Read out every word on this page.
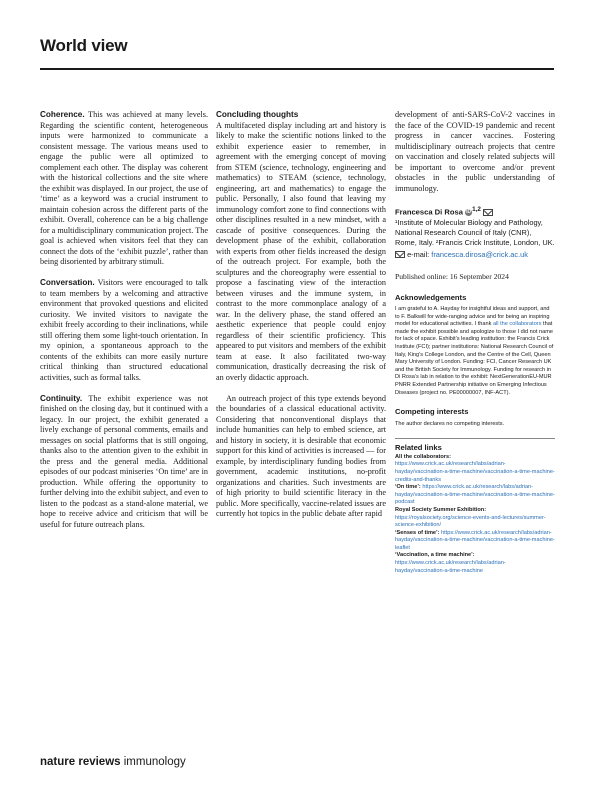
World view

Coherence. This was achieved at many levels. Regarding the scientific content, heterogeneous inputs were harmonized to communicate a consistent message. The various means used to engage the public were all optimized to complement each other. The display was coherent with the historical collections and the site where the exhibit was displayed. In our project, the use of ‘time’ as a keyword was a crucial instrument to maintain cohesion across the different parts of the exhibit. Overall, coherence can be a big challenge for a multidisciplinary communication project. The goal is achieved when visitors feel that they can connect the dots of the ‘exhibit puzzle’, rather than being disoriented by arbitrary stimuli.

Conversation. Visitors were encouraged to talk to team members by a welcoming and attractive environment that provoked questions and elicited curiosity. We invited visitors to navigate the exhibit freely according to their inclinations, while still offering them some light-touch orientation. In my opinion, a spontaneous approach to the contents of the exhibits can more easily nurture critical thinking than structured educational activities, such as formal talks.

Continuity. The exhibit experience was not finished on the closing day, but it continued with a legacy. In our project, the exhibit generated a lively exchange of personal comments, emails and messages on social platforms that is still ongoing, thanks also to the attention given to the exhibit in the press and the general media. Additional episodes of our podcast miniseries ‘On time’ are in production. While offering the opportunity to further delving into the exhibit subject, and even to listen to the podcast as a stand-alone material, we hope to receive advice and criticism that will be useful for future outreach plans.

Concluding thoughts

A multifaceted display including art and history is likely to make the scientific notions linked to the exhibit experience easier to remember, in agreement with the emerging concept of moving from STEM (science, technology, engineering and mathematics) to STEAM (science, technology, engineering, art and mathematics) to engage the public. Personally, I also found that leaving my immunology comfort zone to find connections with other disciplines resulted in a new mindset, with a cascade of positive consequences. During the development phase of the exhibit, collaboration with experts from other fields increased the design of the outreach project. For example, both the sculptures and the choreography were essential to propose a fascinating view of the interaction between viruses and the immune system, in contrast to the more commonplace analogy of a war. In the delivery phase, the stand offered an aesthetic experience that people could enjoy regardless of their scientific proficiency. This appeared to put visitors and members of the exhibit team at ease. It also facilitated two-way communication, drastically decreasing the risk of an overly didactic approach.

An outreach project of this type extends beyond the boundaries of a classical educational activity. Considering that nonconventional displays that include humanities can help to embed science, art and history in society, it is desirable that economic support for this kind of activities is increased — for example, by interdisciplinary funding bodies from government, academic institutions, no-profit organizations and charities. Such investments are of high priority to build scientific literacy in the public. More specifically, vaccine-related issues are currently hot topics in the public debate after rapid

development of anti-SARS-CoV-2 vaccines in the face of the COVID-19 pandemic and recent progress in cancer vaccines. Fostering multidisciplinary outreach projects that centre on vaccination and closely related subjects will be important to overcome and/or prevent obstacles in the public understanding of immunology.

Francesca Di Rosa iD$^{1,2}$
¹Institute of Molecular Biology and Pathology, National Research Council of Italy (CNR), Rome, Italy. ²Francis Crick Institute, London, UK.
e-mail: francesca.dirosa@crick.ac.uk
Published online: 16 September 2024
Acknowledgements
I am grateful to A. Hayday for insightful ideas and support, and to F. Balkwill for wide-ranging advice and for being an inspiring model for educational activities. I thank all the collaborators that made the exhibit possible and apologize to those I did not name for lack of space. Exhibit’s leading institution: the Francis Crick Institute (FCI); partner institutions: National Research Council of Italy, King’s College London, and the Centre of the Cell, Queen Mary University of London. Funding: FCI, Cancer Research UK and the British Society for Immunology. Funding for research in Di Rosa’s lab in relation to the exhibit: NextGenerationEU-MUR PNRR Extended Partnership initiative on Emerging Infectious Diseases (project no. PE00000007, INF-ACT).
Competing interests
The author declares no competing interests.
Related links
All the collaborators: https://www.crick.ac.uk/research/labs/adrian-hayday/vaccination-a-time-machine/vaccination-a-time-machine-credits-and-thanks
‘On time’: https://www.crick.ac.uk/research/labs/adrian-hayday/vaccination-a-time-machine/vaccination-a-time-machine-podcast
Royal Society Summer Exhibition: https://royalsociety.org/science-events-and-lectures/summer-science-exhibition/
‘Senses of time’: https://www.crick.ac.uk/research/labs/adrian-hayday/vaccination-a-time-machine/vaccination-a-time-machine-leaflet
‘Vaccination, a time machine’: https://www.crick.ac.uk/research/labs/adrian-hayday/vaccination-a-time-machine
nature reviews immunology
